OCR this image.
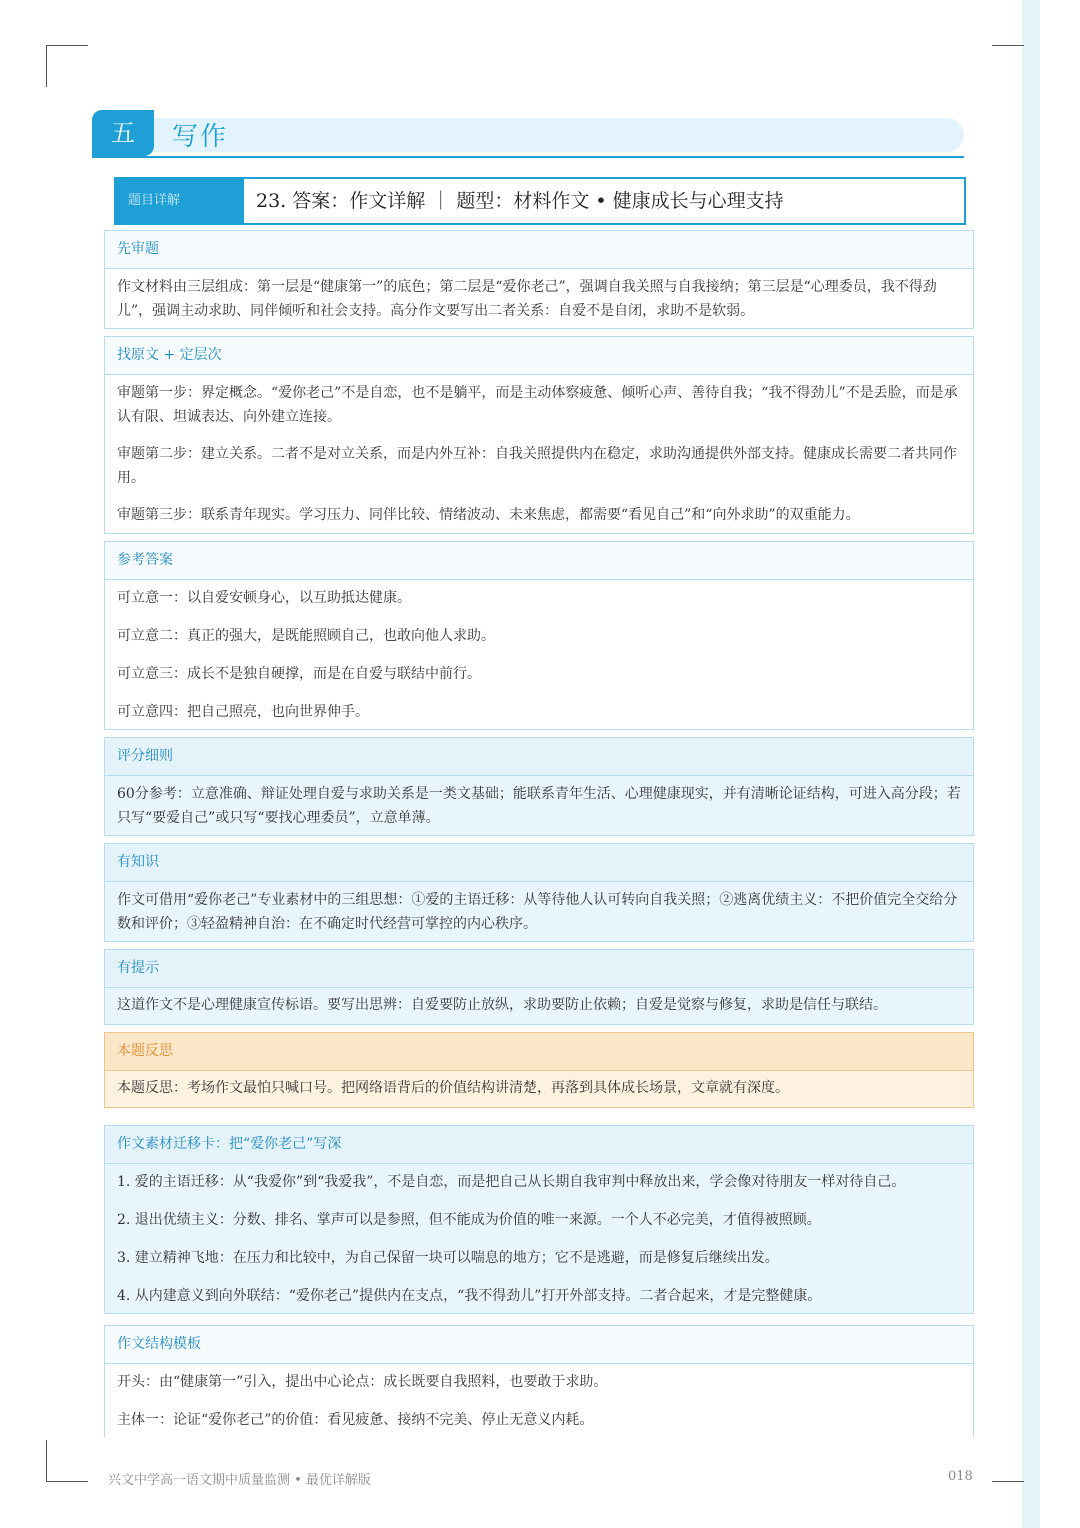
五	写作
题目详解	23. 答案：作文详解 ｜ 题型：材料作文 • 健康成长与心理支持
先审题

作文材料由三层组成：第一层是“健康第一”的底色；第二层是“爱你老己”，强调自我关照与自我接纳；第三层是“心理委员，我不得劲儿”，强调主动求助、同伴倾听和社会支持。高分作文要写出二者关系：自爱不是自闭，求助不是软弱。

找原文 + 定层次

审题第一步：界定概念。“爱你老己”不是自恋，也不是躺平，而是主动体察疲惫、倾听心声、善待自我；“我不得劲儿”不是丢脸，而是承认有限、坦诚表达、向外建立连接。

审题第二步：建立关系。二者不是对立关系，而是内外互补：自我关照提供内在稳定，求助沟通提供外部支持。健康成长需要二者共同作用。

审题第三步：联系青年现实。学习压力、同伴比较、情绪波动、未来焦虑，都需要“看见自己”和“向外求助”的双重能力。

参考答案

可立意一：以自爱安顿身心，以互助抵达健康。

可立意二：真正的强大，是既能照顾自己，也敢向他人求助。

可立意三：成长不是独自硬撑，而是在自爱与联结中前行。

可立意四：把自己照亮，也向世界伸手。

评分细则

60分参考：立意准确、辩证处理自爱与求助关系是一类文基础；能联系青年生活、心理健康现实，并有清晰论证结构，可进入高分段；若只写“要爱自己”或只写“要找心理委员”，立意单薄。

有知识

作文可借用“爱你老己”专业素材中的三组思想：①爱的主语迁移：从等待他人认可转向自我关照；②逃离优绩主义：不把价值完全交给分数和评价；③轻盈精神自治：在不确定时代经营可掌控的内心秩序。

有提示

这道作文不是心理健康宣传标语。要写出思辨：自爱要防止放纵，求助要防止依赖；自爱是觉察与修复，求助是信任与联结。

本题反思

本题反思：考场作文最怕只喊口号。把网络语背后的价值结构讲清楚，再落到具体成长场景，文章就有深度。

作文素材迁移卡：把“爱你老己”写深

1. 爱的主语迁移：从“我爱你”到“我爱我”，不是自恋，而是把自己从长期自我审判中释放出来，学会像对待朋友一样对待自己。

2. 退出优绩主义：分数、排名、掌声可以是参照，但不能成为价值的唯一来源。一个人不必完美，才值得被照顾。

3. 建立精神飞地：在压力和比较中，为自己保留一块可以喘息的地方；它不是逃避，而是修复后继续出发。

4. 从内建意义到向外联结：“爱你老己”提供内在支点，“我不得劲儿”打开外部支持。二者合起来，才是完整健康。

作文结构模板

开头：由“健康第一”引入，提出中心论点：成长既要自我照料，也要敢于求助。

主体一：论证“爱你老己”的价值：看见疲惫、接纳不完美、停止无意义内耗。

兴文中学高一语文期中质量监测 • 最优详解版	018
